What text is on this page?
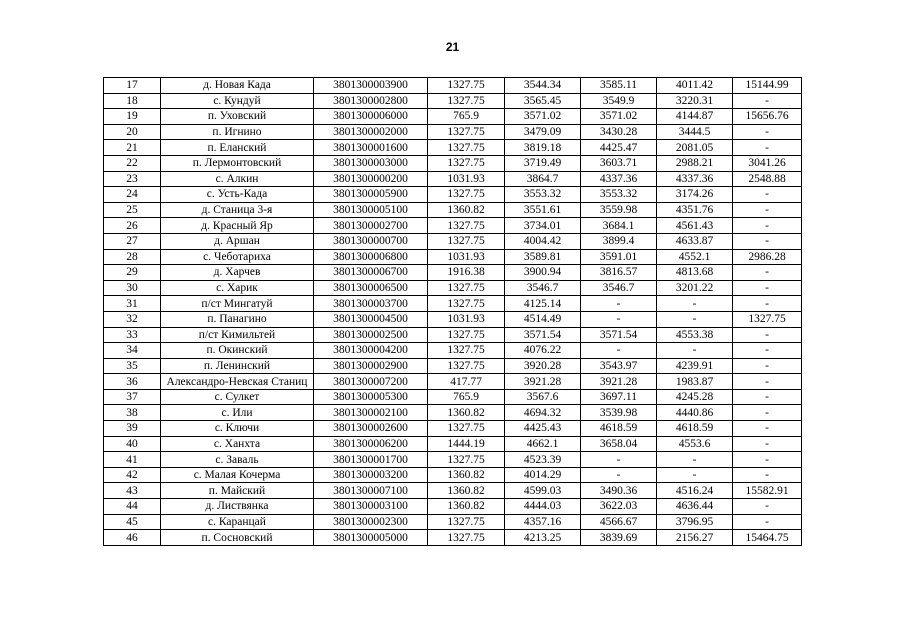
21
17	д. Новая Када	3801300003900	1327.75	3544.34	3585.11	4011.42	15144.99
18	с. Кундуй	3801300002800	1327.75	3565.45	3549.9	3220.31	-
19	п. Уховский	3801300006000	765.9	3571.02	3571.02	4144.87	15656.76
20	п. Игнино	3801300002000	1327.75	3479.09	3430.28	3444.5	-
21	п. Еланский	3801300001600	1327.75	3819.18	4425.47	2081.05	-
22	п. Лермонтовский	3801300003000	1327.75	3719.49	3603.71	2988.21	3041.26
23	с. Алкин	3801300000200	1031.93	3864.7	4337.36	4337.36	2548.88
24	с. Усть-Када	3801300005900	1327.75	3553.32	3553.32	3174.26	-
25	д. Станица 3-я	3801300005100	1360.82	3551.61	3559.98	4351.76	-
26	д. Красный Яр	3801300002700	1327.75	3734.01	3684.1	4561.43	-
27	д. Аршан	3801300000700	1327.75	4004.42	3899.4	4633.87	-
28	с. Чеботариха	3801300006800	1031.93	3589.81	3591.01	4552.1	2986.28
29	д. Харчев	3801300006700	1916.38	3900.94	3816.57	4813.68	-
30	с. Харик	3801300006500	1327.75	3546.7	3546.7	3201.22	-
31	п/ст Мингатуй	3801300003700	1327.75	4125.14	-	-	-
32	п. Панагино	3801300004500	1031.93	4514.49	-	-	1327.75
33	п/ст Кимильтей	3801300002500	1327.75	3571.54	3571.54	4553.38	-
34	п. Окинский	3801300004200	1327.75	4076.22	-	-	-
35	п. Ленинский	3801300002900	1327.75	3920.28	3543.97	4239.91	-
36	Александро-Невская Станиц	3801300007200	417.77	3921.28	3921.28	1983.87	-
37	с. Сулкет	3801300005300	765.9	3567.6	3697.11	4245.28	-
38	с. Или	3801300002100	1360.82	4694.32	3539.98	4440.86	-
39	с. Ключи	3801300002600	1327.75	4425.43	4618.59	4618.59	-
40	с. Ханхта	3801300006200	1444.19	4662.1	3658.04	4553.6	-
41	с. Заваль	3801300001700	1327.75	4523.39	-	-	-
42	с. Малая Кочерма	3801300003200	1360.82	4014.29	-	-	-
43	п. Майский	3801300007100	1360.82	4599.03	3490.36	4516.24	15582.91
44	д. Листвянка	3801300003100	1360.82	4444.03	3622.03	4636.44	-
45	с. Каранцай	3801300002300	1327.75	4357.16	4566.67	3796.95	-
46	п. Сосновский	3801300005000	1327.75	4213.25	3839.69	2156.27	15464.75
